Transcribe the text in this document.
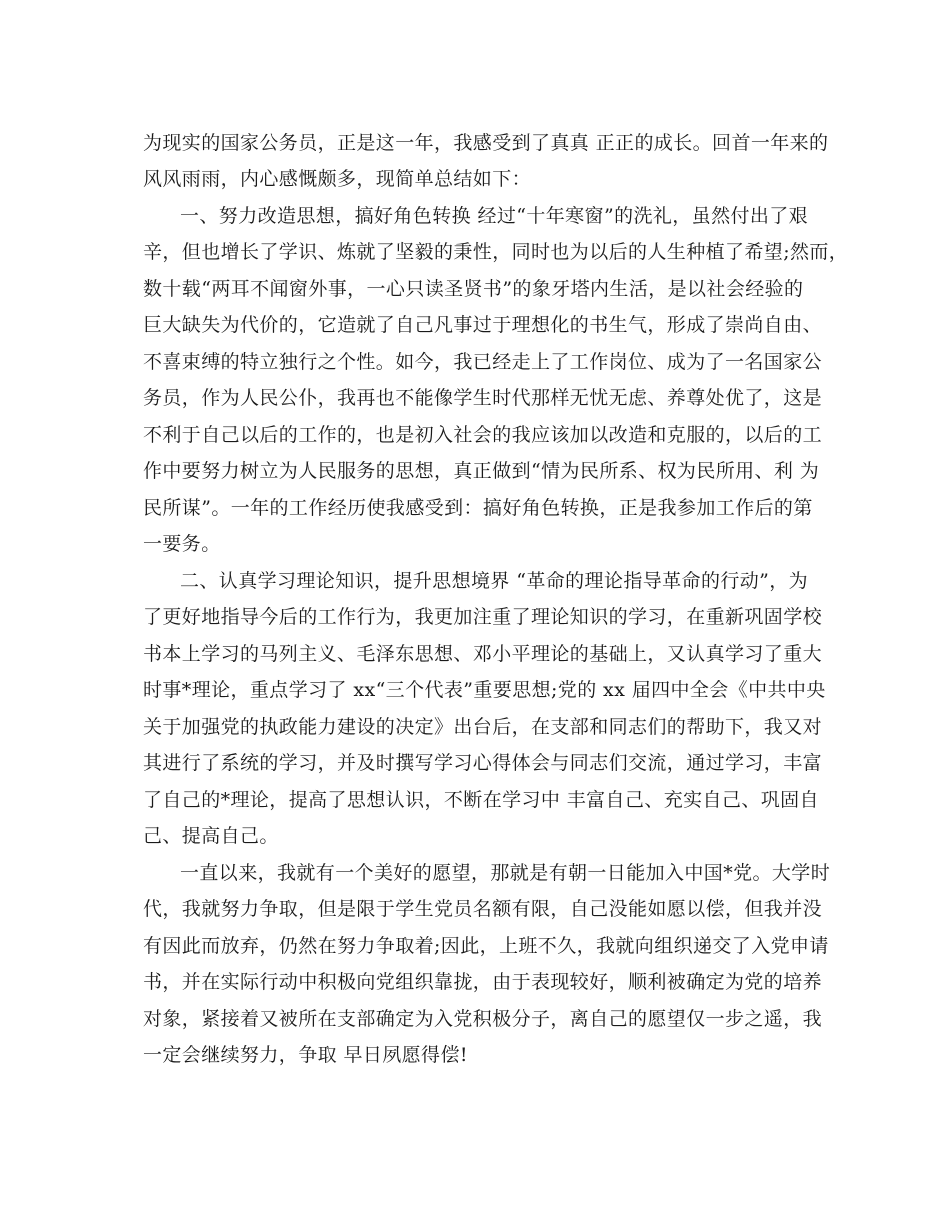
为现实的国家公务员，正是这一年，我感受到了真真 正正的成长。回首一年来的
风风雨雨，内心感慨颇多，现简单总结如下：
一、努力改造思想，搞好角色转换 经过“十年寒窗”的洗礼，虽然付出了艰
辛，但也增长了学识、炼就了坚毅的秉性，同时也为以后的人生种植了希望;然而，
数十载“两耳不闻窗外事，一心只读圣贤书”的象牙塔内生活，是以社会经验的
巨大缺失为代价的，它造就了自己凡事过于理想化的书生气，形成了崇尚自由、
不喜束缚的特立独行之个性。如今，我已经走上了工作岗位、成为了一名国家公
务员，作为人民公仆，我再也不能像学生时代那样无忧无虑、养尊处优了，这是
不利于自己以后的工作的，也是初入社会的我应该加以改造和克服的，以后的工
作中要努力树立为人民服务的思想，真正做到“情为民所系、权为民所用、利 为
民所谋”。一年的工作经历使我感受到：搞好角色转换，正是我参加工作后的第
一要务。
二、认真学习理论知识，提升思想境界 “革命的理论指导革命的行动”，为
了更好地指导今后的工作行为，我更加注重了理论知识的学习，在重新巩固学校
书本上学习的马列主义、毛泽东思想、邓小平理论的基础上，又认真学习了重大
时事*理论，重点学习了 xx“三个代表”重要思想;党的 xx 届四中全会《中共中央
关于加强党的执政能力建设的决定》出台后，在支部和同志们的帮助下，我又对
其进行了系统的学习，并及时撰写学习心得体会与同志们交流，通过学习，丰富
了自己的*理论，提高了思想认识，不断在学习中 丰富自己、充实自己、巩固自
己、提高自己。
一直以来，我就有一个美好的愿望，那就是有朝一日能加入中国*党。大学时
代，我就努力争取，但是限于学生党员名额有限，自己没能如愿以偿，但我并没
有因此而放弃，仍然在努力争取着;因此，上班不久，我就向组织递交了入党申请
书，并在实际行动中积极向党组织靠拢，由于表现较好，顺利被确定为党的培养
对象，紧接着又被所在支部确定为入党积极分子，离自己的愿望仅一步之遥，我
一定会继续努力，争取 早日夙愿得偿!
